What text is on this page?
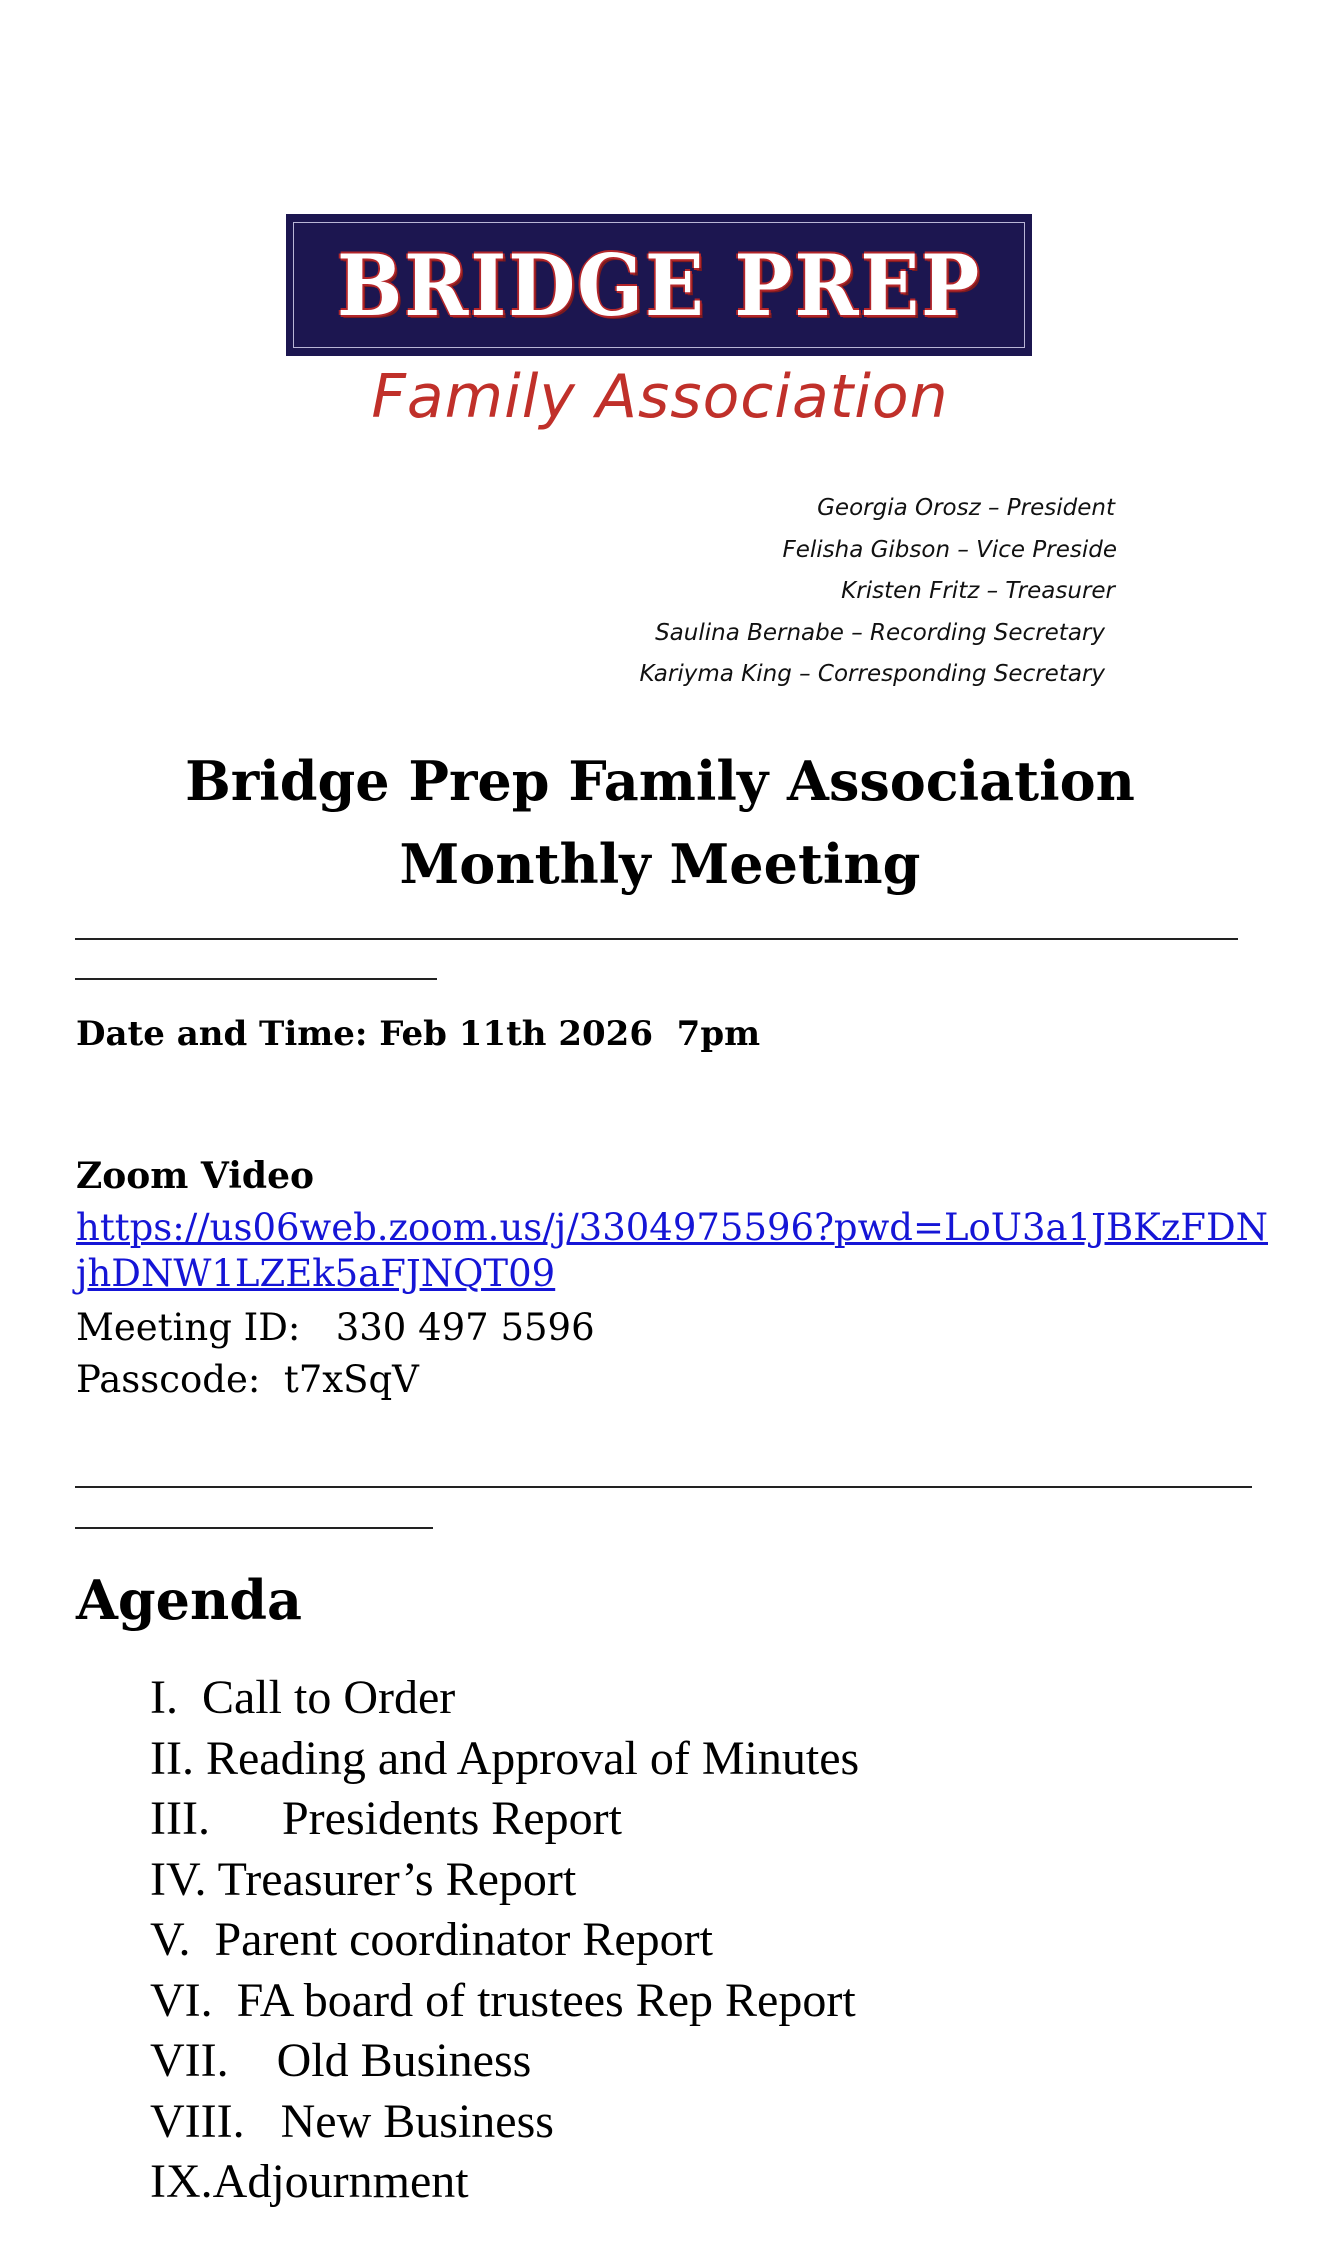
BRIDGE PREP
Family Association
Georgia Orosz – President
Felisha Gibson – Vice Preside
Kristen Fritz – Treasurer
Saulina Bernabe – Recording Secretary
Kariyma King – Corresponding Secretary
Bridge Prep Family Association
Monthly Meeting
Date and Time: Feb 11th 2026  7pm
Zoom Video
https://us06web.zoom.us/j/3304975596?pwd=LoU3a1JBKzFDNjhDNW1LZEk5aFJNQT09
Meeting ID: 330 497 5596
Passcode: t7xSqV
Agenda
I. Call to Order
II. Reading and Approval of Minutes
III. Presidents Report
IV. Treasurer’s Report
V. Parent coordinator Report
VI. FA board of trustees Rep Report
VII. Old Business
VIII. New Business
IX.Adjournment
